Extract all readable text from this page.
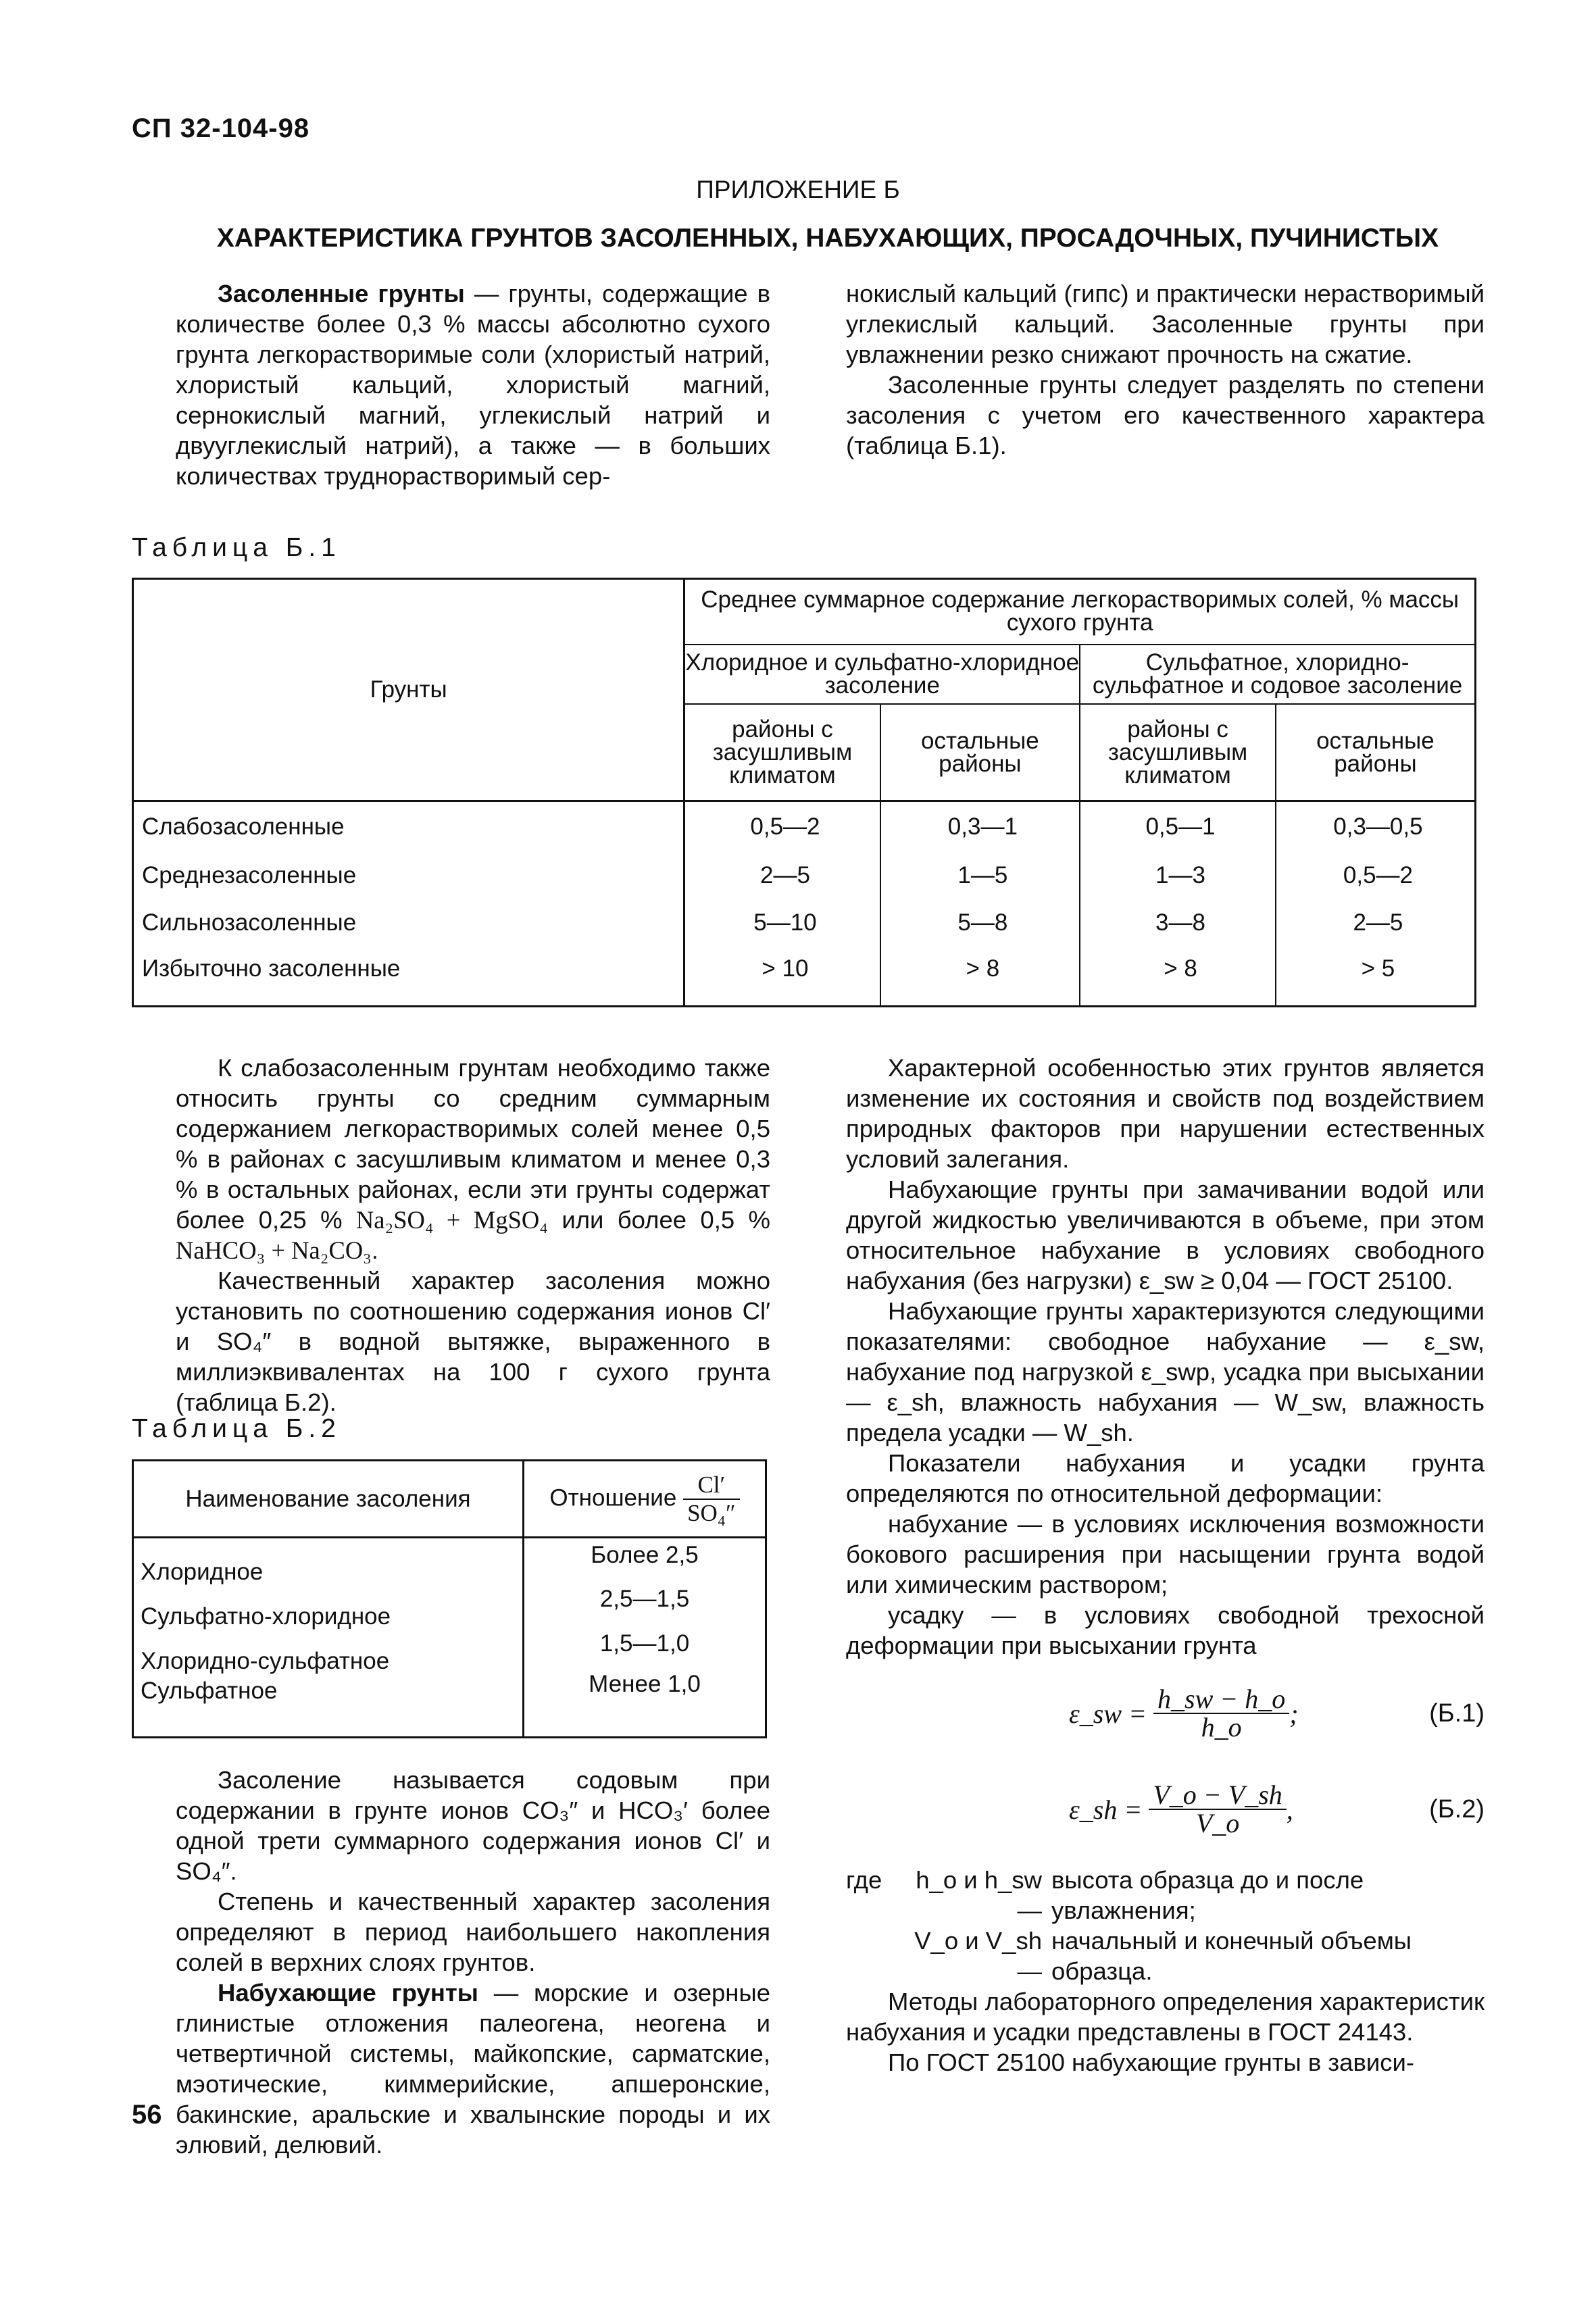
СП 32-104-98
ПРИЛОЖЕНИЕ Б
ХАРАКТЕРИСТИКА ГРУНТОВ ЗАСОЛЕННЫХ, НАБУХАЮЩИХ, ПРОСАДОЧНЫХ, ПУЧИНИСТЫХ

Засоленные грунты — грунты, содержащие в количестве более 0,3 % массы абсолютно сухого грунта легкорастворимые соли (хлористый натрий, хлористый кальций, хлористый магний, сернокислый магний, углекислый натрий и двууглекислый натрий), а также — в больших количествах труднорастворимый сер-

нокислый кальций (гипс) и практически нерастворимый углекислый кальций. Засоленные грунты при увлажнении резко снижают прочность на сжатие.

Засоленные грунты следует разделять по степени засоления с учетом его качественного характера (таблица Б.1).

Таблица Б.1
Грунты	Среднее суммарное содержание легкорастворимых солей, % массы сухого грунта			
	Хлоридное и сульфатно-хлоридное засоление		Сульфатное, хлоридно-сульфатное и содовое засоление	
	районы с засушливым климатом	остальные районы	районы с засушливым климатом	остальные районы
Слабозасоленные	0,5—2	0,3—1	0,5—1	0,3—0,5
Среднезасоленные	2—5	1—5	1—3	0,5—2
Сильнозасоленные	5—10	5—8	3—8	2—5
Избыточно засоленные	> 10	> 8	> 8	> 5

К слабозасоленным грунтам необходимо также относить грунты со средним суммарным содержанием легкорастворимых солей менее 0,5 % в районах с засушливым климатом и менее 0,3 % в остальных районах, если эти грунты содержат более 0,25 % Na₂SO₄ + MgSO₄ или более 0,5 % NaHCO₃ + Na₂CO₃.

Качественный характер засоления можно установить по соотношению содержания ионов Cl′ и SO₄″ в водной вытяжке, выраженного в миллиэквивалентах на 100 г сухого грунта (таблица Б.2).

Таблица Б.2
Наименование засоления	Отношение $\frac{Cl'}{\text{SO₄″}}$

Хлоридное	Более 2,5
Сульфатно-хлоридное	2,5—1,5
Хлоридно-сульфатное	1,5—1,0
Сульфатное	Менее 1,0

Засоление называется содовым при содержании в грунте ионов CO₃″ и HCO₃′ более одной трети суммарного содержания ионов Cl′ и SO₄″.

Степень и качественный характер засоления определяют в период наибольшего накопления солей в верхних слоях грунтов.

Набухающие грунты — морские и озерные глинистые отложения палеогена, неогена и четвертичной системы, майкопские, сарматские, мэотические, киммерийские, апшеронские, бакинские, аральские и хвалынские породы и их элювий, делювий.

Характерной особенностью этих грунтов является изменение их состояния и свойств под воздействием природных факторов при нарушении естественных условий залегания.

Набухающие грунты при замачивании водой или другой жидкостью увеличиваются в объеме, при этом относительное набухание в условиях свободного набухания (без нагрузки) ε_sw ≥ 0,04 — ГОСТ 25100.

Набухающие грунты характеризуются следующими показателями: свободное набухание — ε_sw, набухание под нагрузкой ε_swp, усадка при высыхании — ε_sh, влажность набухания — W_sw, влажность предела усадки — W_sh.

Показатели набухания и усадки грунта определяются по относительной деформации:

набухание — в условиях исключения возможности бокового расширения при насыщении грунта водой или химическим раствором;

усадку — в условиях свободной трехосной деформации при высыхании грунта

ε_sw =
$\frac{h\_sw - h\_o}{h\_o}$ ;	(Б.1)
ε_sh =
$\frac{V\_o - V\_sh}{V\_o}$ ,	(Б.2)
где	h_o и h_sw —
высота образца до и после увлажнения;
V_o и V_sh —
начальный и конечный объемы образца.

Методы лабораторного определения характеристик набухания и усадки представлены в ГОСТ 24143.

По ГОСТ 25100 набухающие грунты в зависи-

56
